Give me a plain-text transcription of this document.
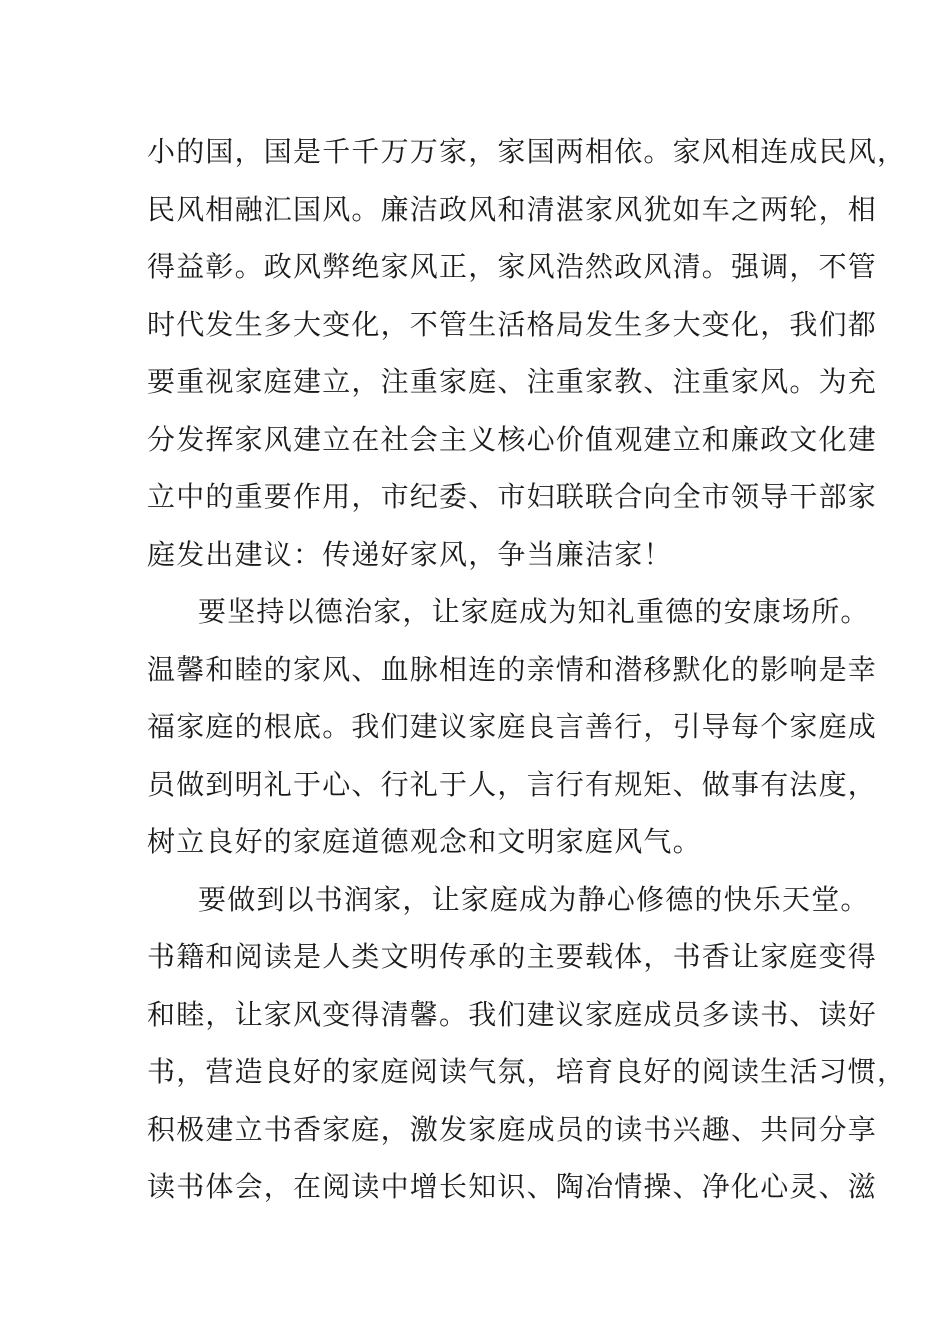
小的国，国是千千万万家，家国两相依。家风相连成民风，
民风相融汇国风。廉洁政风和清湛家风犹如车之两轮，相
得益彰。政风弊绝家风正，家风浩然政风清。强调，不管
时代发生多大变化，不管生活格局发生多大变化，我们都
要重视家庭建立，注重家庭、注重家教、注重家风。为充
分发挥家风建立在社会主义核心价值观建立和廉政文化建
立中的重要作用，市纪委、市妇联联合向全市领导干部家
庭发出建议：传递好家风，争当廉洁家！
要坚持以德治家，让家庭成为知礼重德的安康场所。
温馨和睦的家风、血脉相连的亲情和潜移默化的影响是幸
福家庭的根底。我们建议家庭良言善行，引导每个家庭成
员做到明礼于心、行礼于人，言行有规矩、做事有法度，
树立良好的家庭道德观念和文明家庭风气。
要做到以书润家，让家庭成为静心修德的快乐天堂。
书籍和阅读是人类文明传承的主要载体，书香让家庭变得
和睦，让家风变得清馨。我们建议家庭成员多读书、读好
书，营造良好的家庭阅读气氛，培育良好的阅读生活习惯，
积极建立书香家庭，激发家庭成员的读书兴趣、共同分享
读书体会，在阅读中增长知识、陶冶情操、净化心灵、滋
